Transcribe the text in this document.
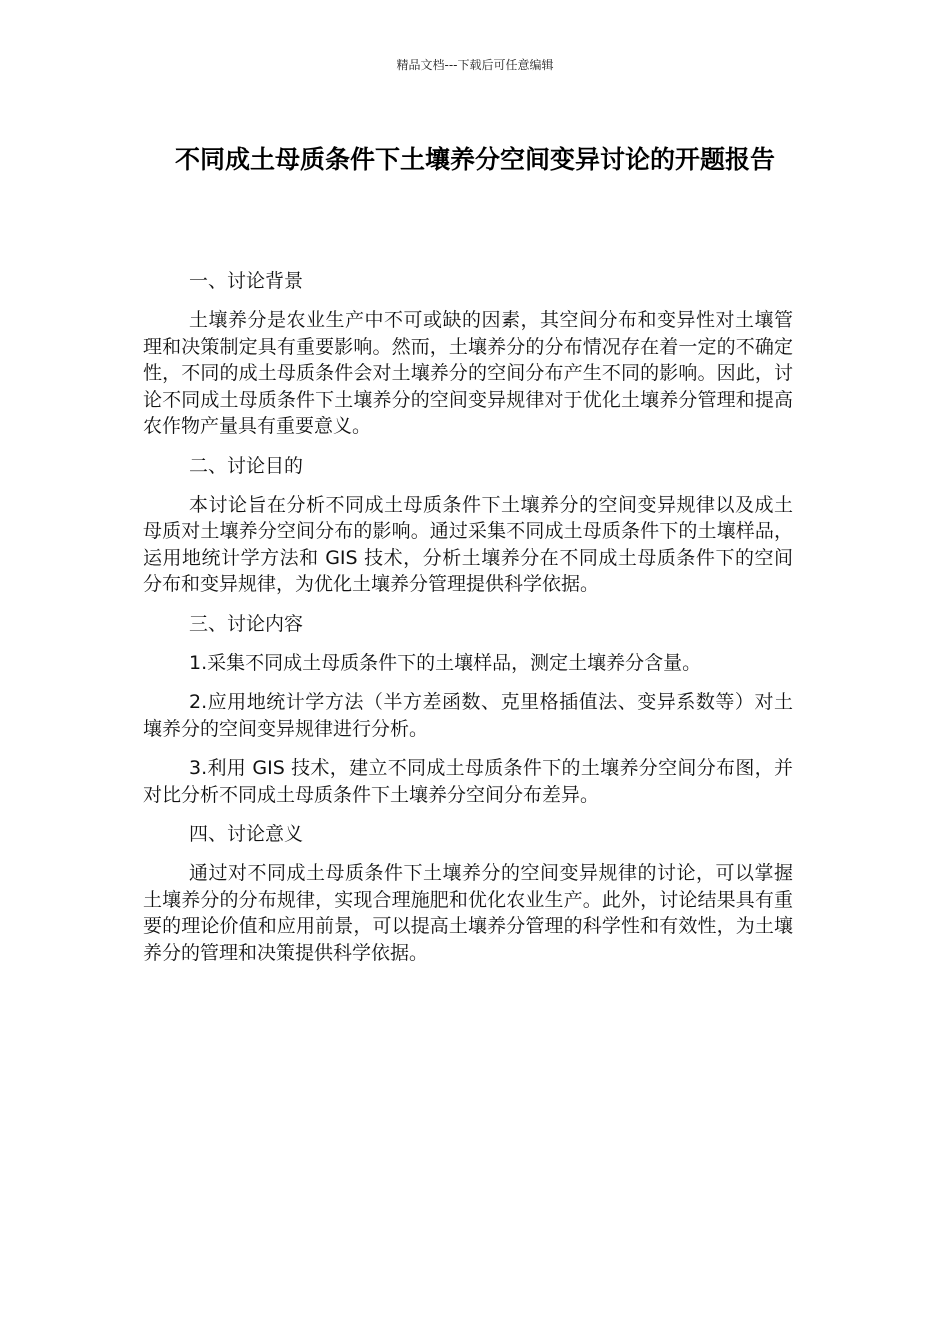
精品文档---下载后可任意编辑
不同成土母质条件下土壤养分空间变异讨论的开题报告

一、讨论背景

土壤养分是农业生产中不可或缺的因素，其空间分布和变异性对土壤管理和决策制定具有重要影响。然而，土壤养分的分布情况存在着一定的不确定性，不同的成土母质条件会对土壤养分的空间分布产生不同的影响。因此，讨论不同成土母质条件下土壤养分的空间变异规律对于优化土壤养分管理和提高农作物产量具有重要意义。

二、讨论目的

本讨论旨在分析不同成土母质条件下土壤养分的空间变异规律以及成土母质对土壤养分空间分布的影响。通过采集不同成土母质条件下的土壤样品，运用地统计学方法和 GIS 技术，分析土壤养分在不同成土母质条件下的空间分布和变异规律，为优化土壤养分管理提供科学依据。

三、讨论内容

1.采集不同成土母质条件下的土壤样品，测定土壤养分含量。

2.应用地统计学方法（半方差函数、克里格插值法、变异系数等）对土壤养分的空间变异规律进行分析。

3.利用 GIS 技术，建立不同成土母质条件下的土壤养分空间分布图，并对比分析不同成土母质条件下土壤养分空间分布差异。

四、讨论意义

通过对不同成土母质条件下土壤养分的空间变异规律的讨论，可以掌握土壤养分的分布规律，实现合理施肥和优化农业生产。此外，讨论结果具有重要的理论价值和应用前景，可以提高土壤养分管理的科学性和有效性，为土壤养分的管理和决策提供科学依据。
